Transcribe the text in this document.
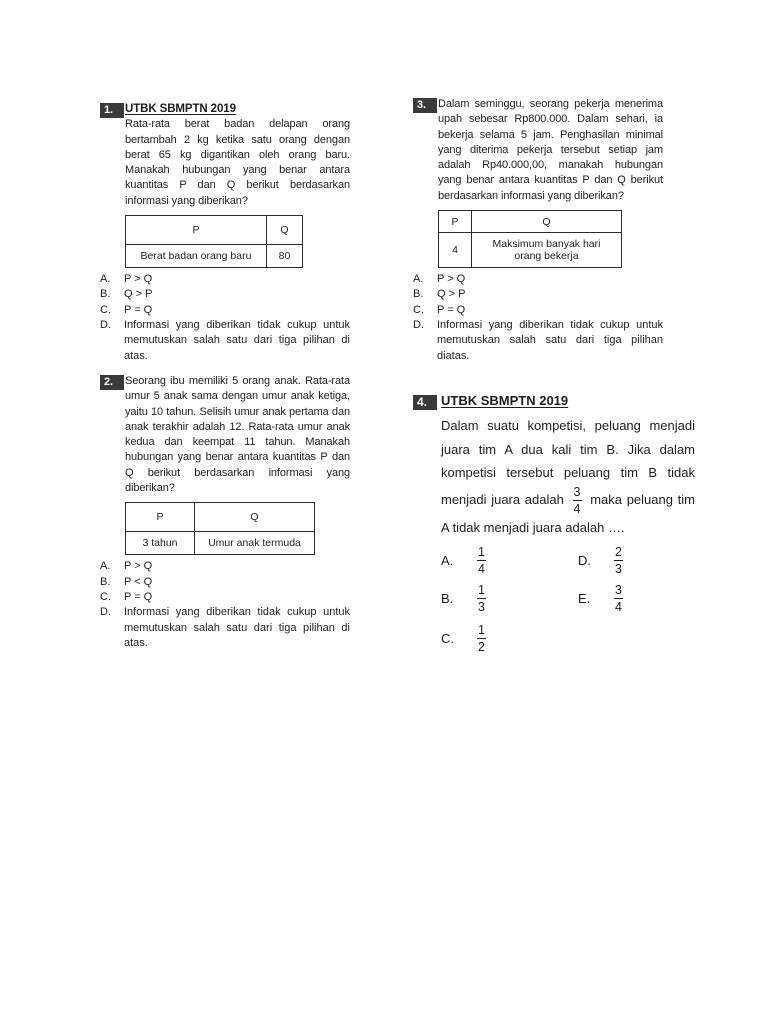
1.	UTBK SBMPTN 2019
Rata-rata berat badan delapan orang bertambah 2 kg ketika satu orang dengan berat 65 kg digantikan oleh orang baru. Manakah hubungan yang benar antara kuantitas P dan Q berikut berdasarkan informasi yang diberikan?
P	Q
Berat badan orang baru	80
A.	P > Q
B.	Q > P
C.	P = Q
D.	Informasi yang diberikan tidak cukup untuk memutuskan salah satu dari tiga pilihan di atas.
2.	Seorang ibu memiliki 5 orang anak. Rata-rata umur 5 anak sama dengan umur anak ketiga, yaitu 10 tahun. Selisih umur anak pertama dan anak terakhir adalah 12. Rata-rata umur anak kedua dan keempat 11 tahun. Manakah hubungan yang benar antara kuantitas P dan Q berikut berdasarkan informasi yang diberikan?
P	Q
3 tahun	Umur anak termuda
A.	P > Q
B.	P < Q
C.	P = Q
D.	Informasi yang diberikan tidak cukup untuk memutuskan salah satu dari tiga pilihan di atas.
3.	Dalam seminggu, seorang pekerja menerima upah sebesar Rp800.000. Dalam sehari, ia bekerja selama 5 jam. Penghasilan minimal yang diterima pekerja tersebut setiap jam adalah Rp40.000,00, manakah hubungan yang benar antara kuantitas P dan Q berikut berdasarkan informasi yang diberikan?
P	Q
4	Maksimum banyak hari orang bekerja
A.	P > Q
B.	Q > P
C.	P = Q
D.	Informasi yang diberikan tidak cukup untuk memutuskan salah satu dari tiga pilihan diatas.
4.	UTBK SBMPTN 2019
Dalam suatu kompetisi, peluang menjadi juara tim A dua kali tim B. Jika dalam kompetisi tersebut peluang tim B tidak menjadi juara adalah $\frac{3}{4}$ maka peluang tim A tidak menjadi juara adalah ….
A.	$\frac{1}{4}$
B.	$\frac{1}{3}$
C.	$\frac{1}{2}$
D.	$\frac{2}{3}$
E.	$\frac{3}{4}$
